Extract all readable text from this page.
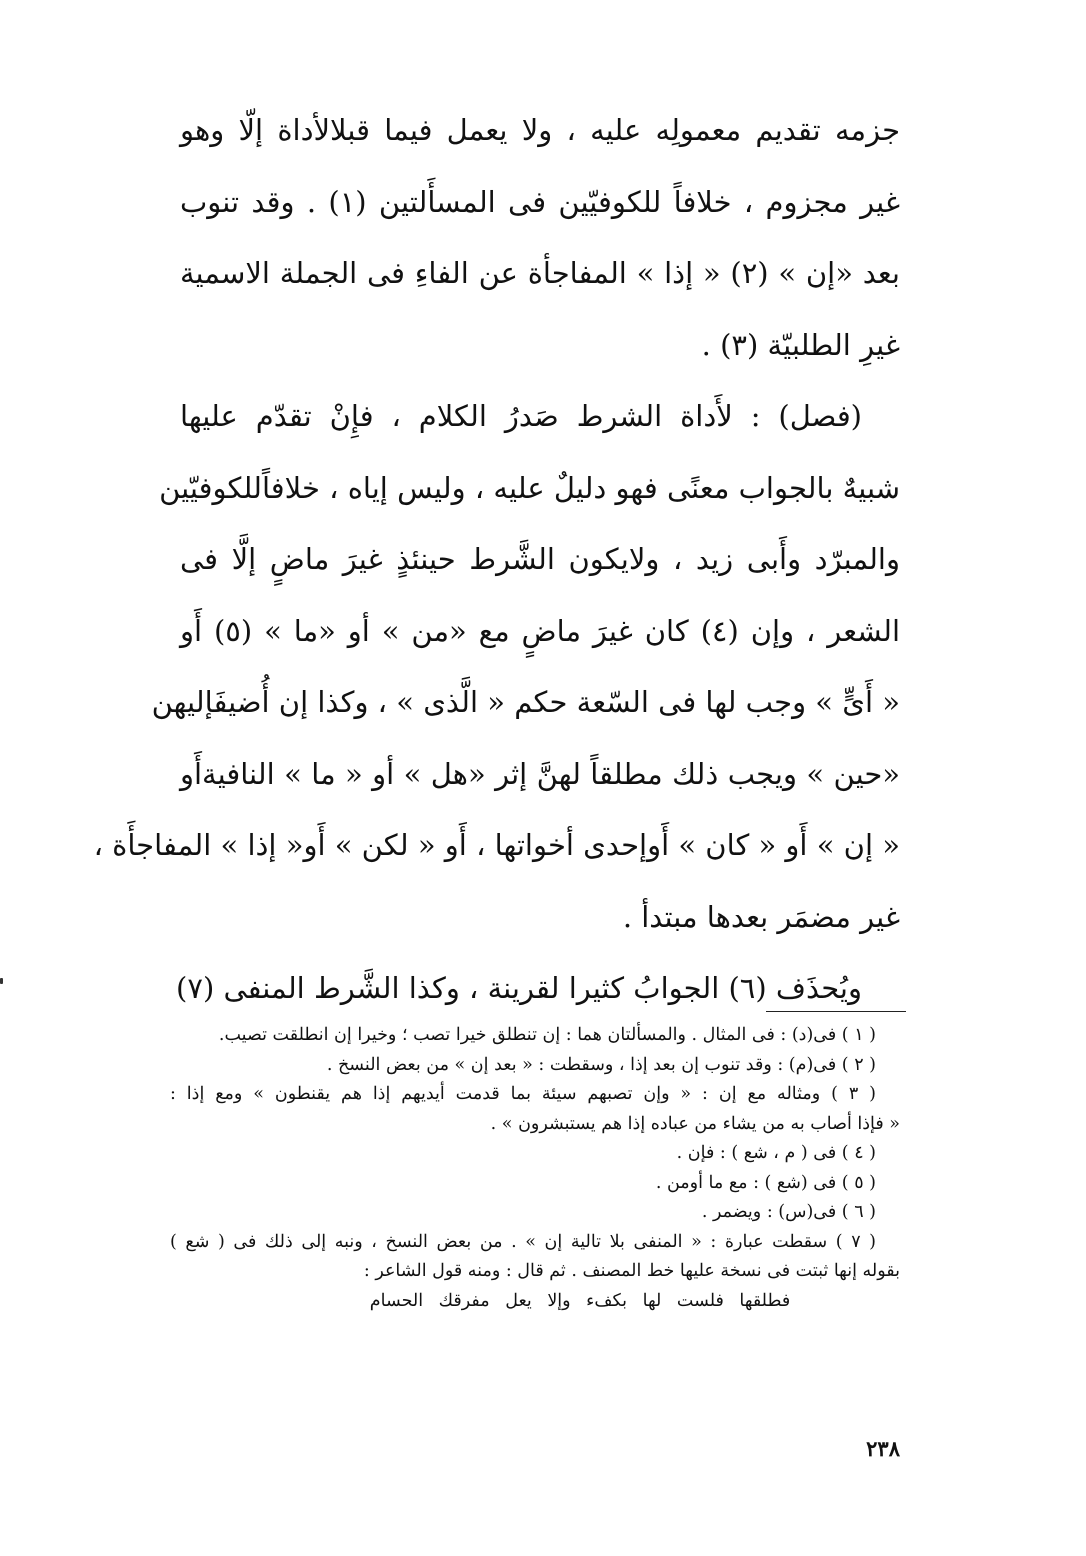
جزمه تقديم معمولِه عليه ، ولا يعمل فيما قبلالأداة إلّا وهو
غير مجزوم ، خلافاً للكوفيّين فى المسأَلتين (١) . وقد تنوب
بعد «إن » (٢) « إذا » المفاجأة عن الفاءِ فى الجملة الاسمية
غيرِ الطلبيّة (٣) .
(فصل) : لأَداة الشرط صَدرُ الكلام ، فإِنْ تقدّم عليها
شبيهٌ بالجواب معنًى فهو دليلٌ عليه ، وليس إياه ، خلافاًللكوفيّين
والمبرّد وأَبى زيد ، ولايكون الشَّرط حينئذٍ غيرَ ماضٍ إلَّا فى
الشعر ، وإن (٤) كان غيرَ ماضٍ مع «من » أو «ما » (٥) أَو
« أَىٍّ » وجب لها فى السّعة حكم « الَّذى » ، وكذا إن أُضيفَإليهن
«حين » ويجب ذلك مطلقاً لهنَّ إثر «هل » أو « ما » النافيةأَو
« إن » أَو « كان » أَوإحدى أخواتها ، أَو « لكن » أَو« إذا » المفاجأَة ،
غير مضمَر بعدها مبتدأ .
ويُحذَف (٦) الجوابُ كثيرا لقرينة ، وكذا الشَّرط المنفى (٧)
( ١ ) فى(د) : فى المثال . والمسألتان هما : إن تنطلق خيرا تصب ؛ وخيرا إن انطلقت تصيب.
( ٢ ) فى(م) : وقد تنوب إن بعد إذا ، وسقطت : « بعد إن » من بعض النسخ .
( ٣ ) ومثاله مع إن : « وإن تصبهم سيئة بما قدمت أيديهم إذا هم يقنطون » ومع إذا :
« فإذا أصاب به من يشاء من عباده إذا هم يستبشرون » .
( ٤ ) فى ( م ، شع ) : فإن .
( ٥ ) فى (شع ) : مع ما أومن .
( ٦ ) فى(س) : ويضمر .
( ٧ ) سقطت عبارة : « المنفى بلا تالية إن » . من بعض النسخ ، ونبه إلى ذلك فى ( شع )
بقوله إنها ثبتت فى نسخة عليها خط المصنف . ثم قال : ومنه قول الشاعر :
فطلقها فلست لها بكفء وإلا يعل مفرقك الحسام
٢٣٨
